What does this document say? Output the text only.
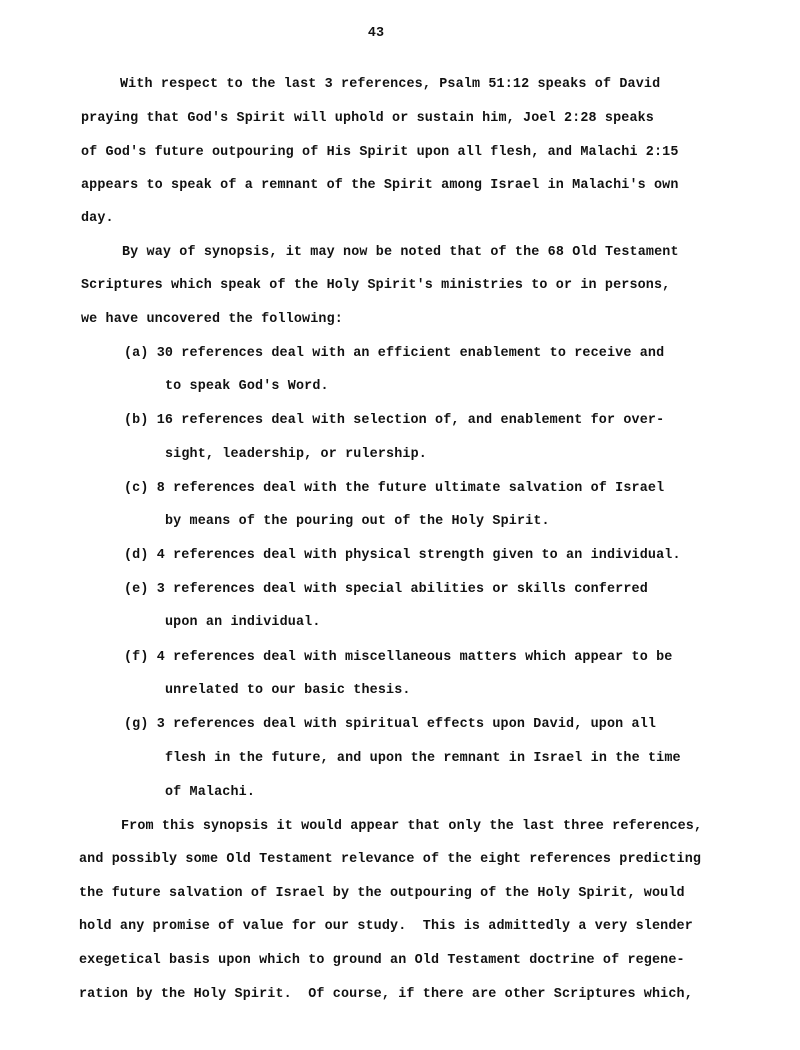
43
With respect to the last 3 references, Psalm 51:12 speaks of David
praying that God's Spirit will uphold or sustain him, Joel 2:28 speaks
of God's future outpouring of His Spirit upon all flesh, and Malachi 2:15
appears to speak of a remnant of the Spirit among Israel in Malachi's own
day.
By way of synopsis, it may now be noted that of the 68 Old Testament
Scriptures which speak of the Holy Spirit's ministries to or in persons,
we have uncovered the following:
(a) 30 references deal with an efficient enablement to receive and
to speak God's Word.
(b) 16 references deal with selection of, and enablement for over-
sight, leadership, or rulership.
(c) 8 references deal with the future ultimate salvation of Israel
by means of the pouring out of the Holy Spirit.
(d) 4 references deal with physical strength given to an individual.
(e) 3 references deal with special abilities or skills conferred
upon an individual.
(f) 4 references deal with miscellaneous matters which appear to be
unrelated to our basic thesis.
(g) 3 references deal with spiritual effects upon David, upon all
flesh in the future, and upon the remnant in Israel in the time
of Malachi.
From this synopsis it would appear that only the last three references,
and possibly some Old Testament relevance of the eight references predicting
the future salvation of Israel by the outpouring of the Holy Spirit, would
hold any promise of value for our study.  This is admittedly a very slender
exegetical basis upon which to ground an Old Testament doctrine of regene-
ration by the Holy Spirit.  Of course, if there are other Scriptures which,
